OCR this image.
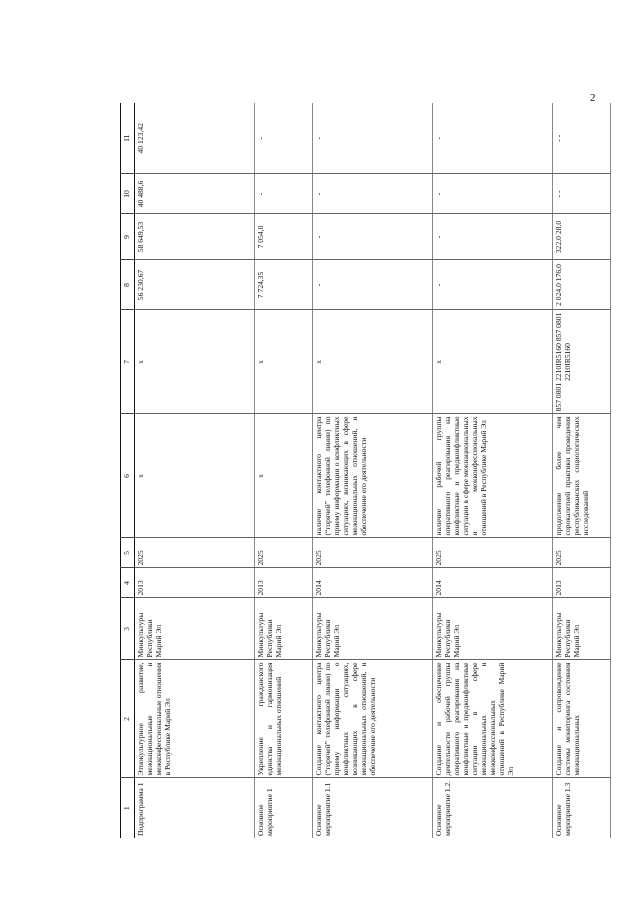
2
1	2	3	4	5	6	7	8	9	10	11
Подпрограмма 1	Этнокультурное развитие, межнациональные и межконфессиональные отношения в Республике Марий Эл	Минкультуры Республики Марий Эл	2013	2025	x	x	56 230,67	58 649,53	40 488,6	40 123,42
Основное мероприятие 1	Укрепление гражданского единства и гармонизация межнациональных отношений	Минкультуры Республики Марий Эл	2013	2025	x	x	7 724,35	7 054,0	-	-
Основное мероприятие 1.1	Создание контактного центра (“горячей” телефонной линии) по приему информации о конфликтных ситуациях, возникающих в сфере межнациональных отношений, и обеспечение его деятельности	Минкультуры Республики Марий Эл	2014	2025	наличие контактного центра (“горячей” телефонной линии) по приему информации о конфликтных ситуациях, возникающих в сфере межнациональных отношений, и обеспечение его деятельности	x	-	-	-	-
Основное мероприятие 1.2.	Создание и обеспечение деятельности рабочей группы оперативного реагирования на конфликтные и предконфликтные ситуации в сфере межнациональных и межконфессиональных отношений в Республике Марий Эл	Минкультуры Республики Марий Эл	2014	2025	наличие рабочей группы оперативного реагирования на конфликтные и предконфликтные ситуации в сфере межнациональных и межконфессиональных отношений в Республике Марий Эл	x	-	-	-	-
Основное мероприятие 1.3	Создание и сопровождение системы мониторинга состояния межнациональных	Минкультуры Республики Марий Эл	2013	2025	продолжение более чем сорокалетней практики проведения республиканских социологических исследований	857 0801 2210IR5160 857 0801 2210IR5160	2 024,0 176,0	322,0 28,0	- -	- -
